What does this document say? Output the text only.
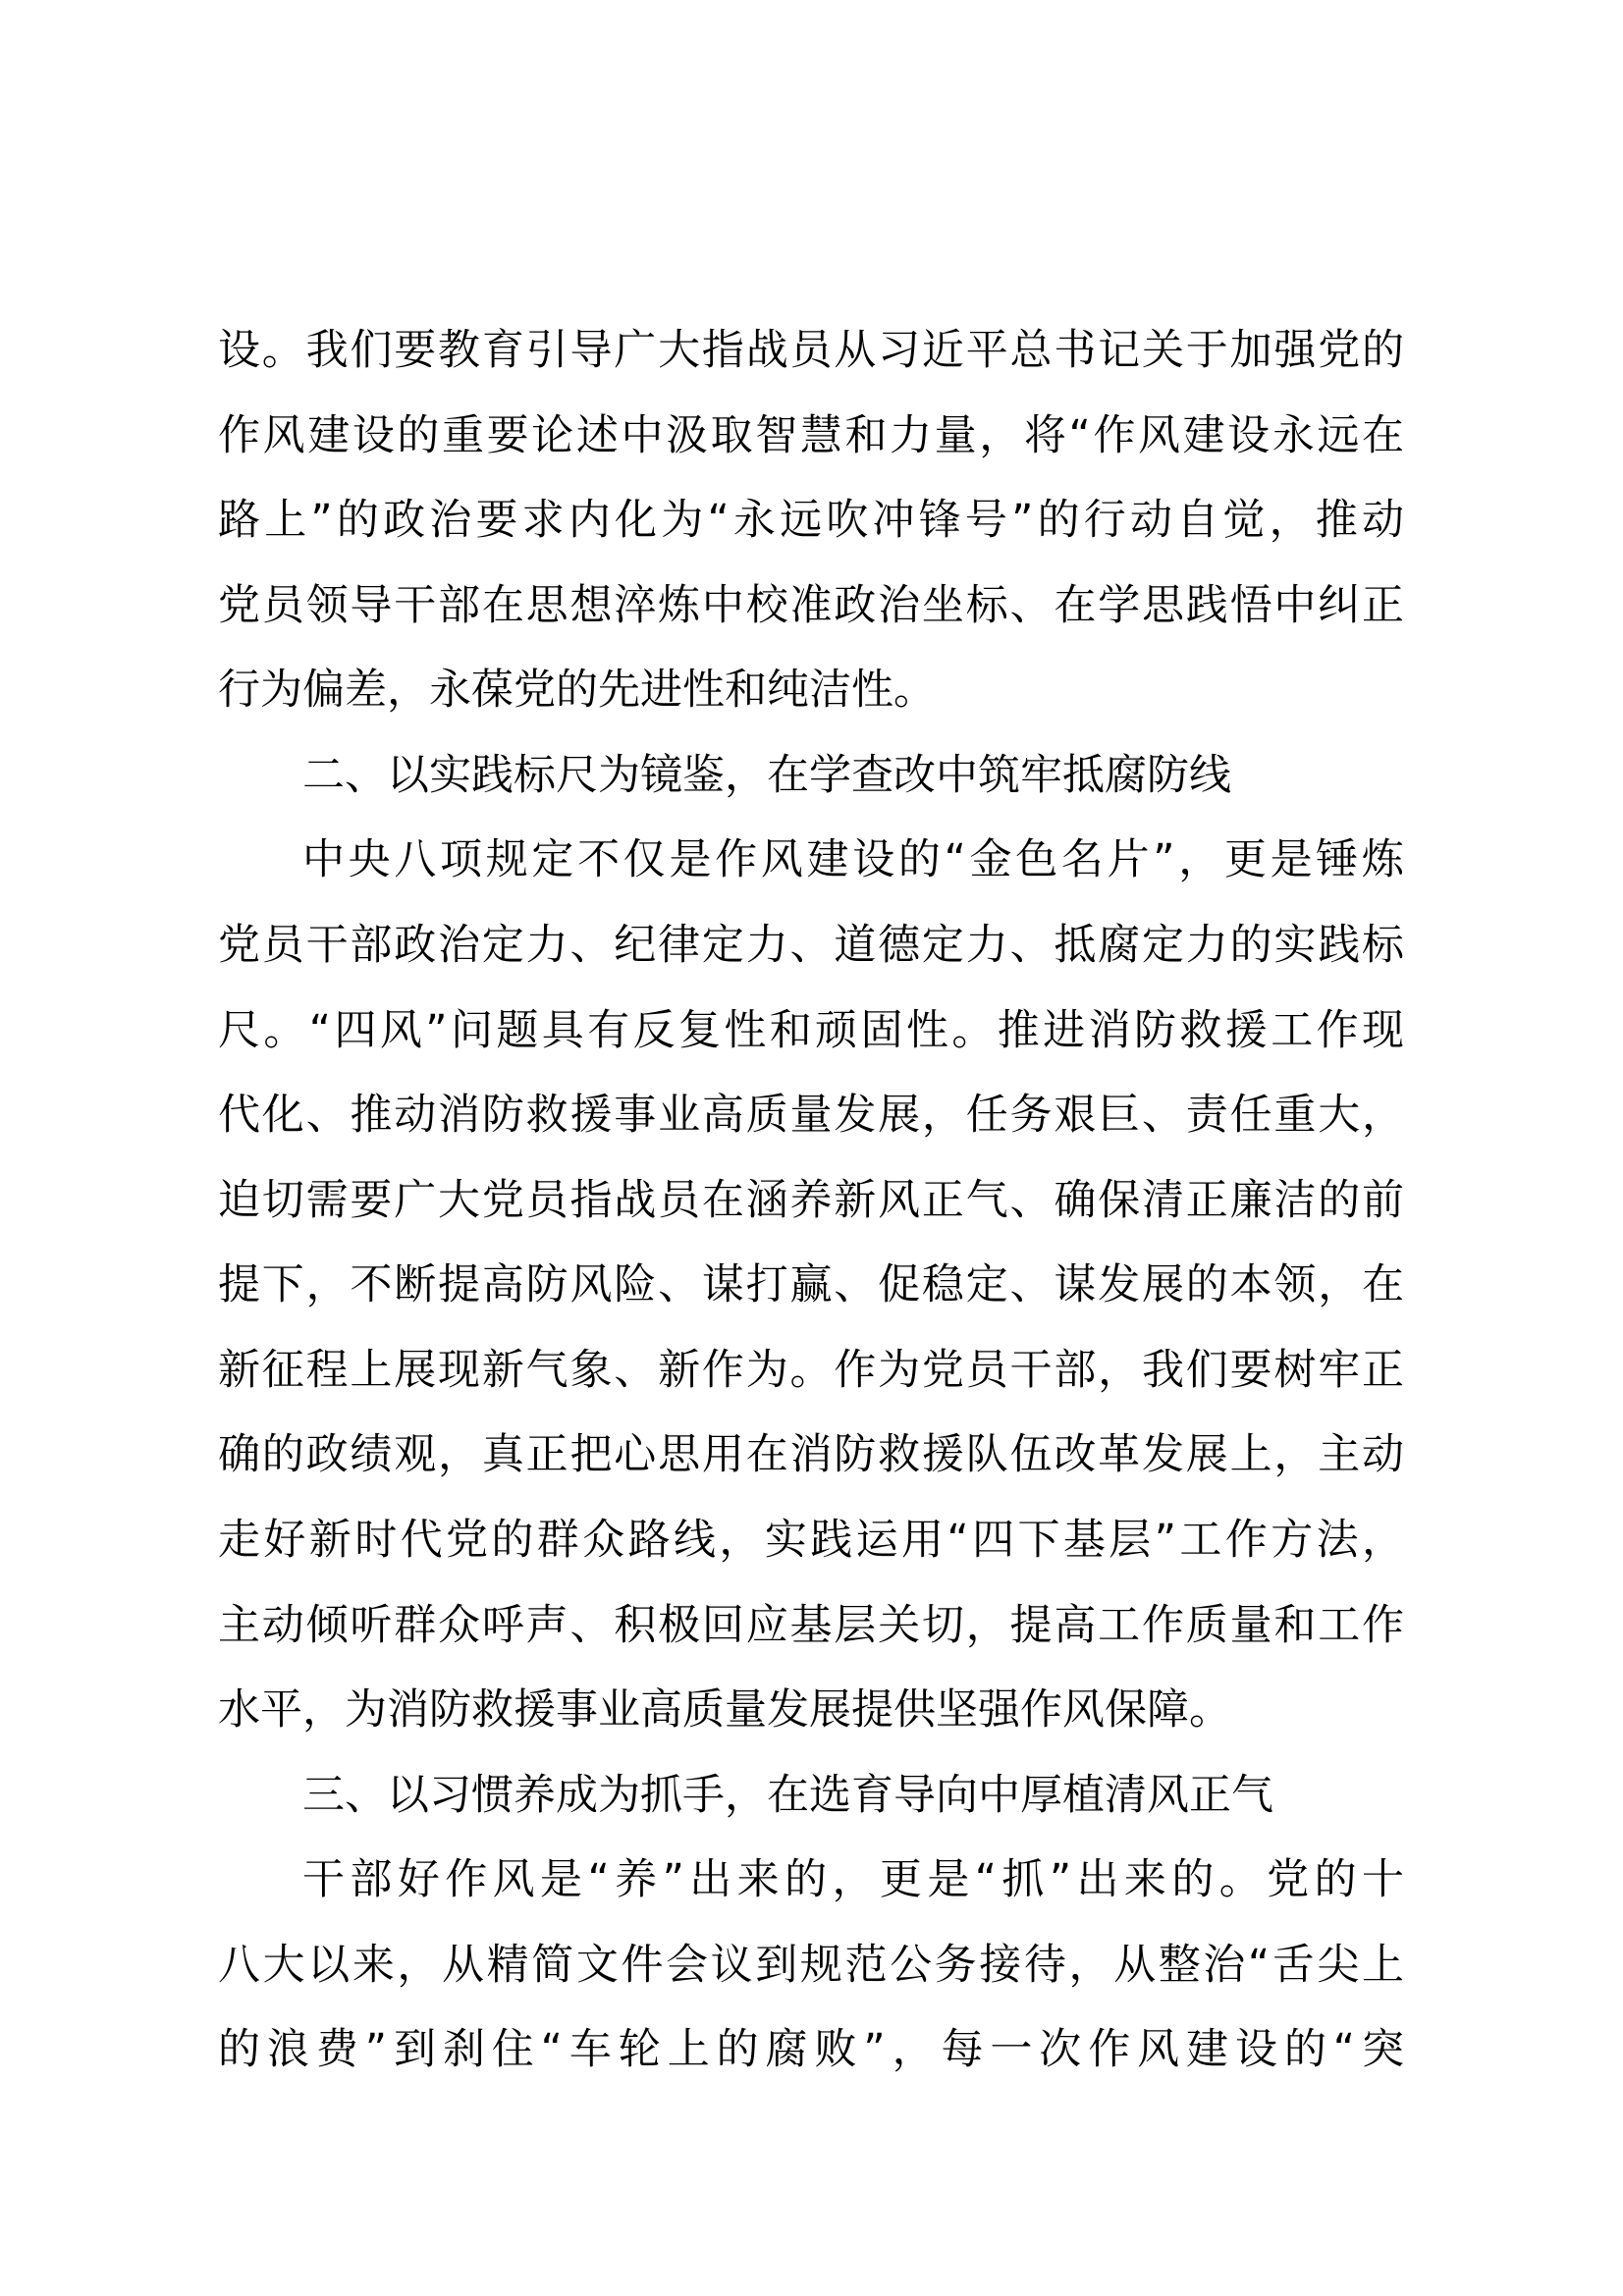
设。我们要教育引导广大指战员从习近平总书记关于加强党的
作风建设的重要论述中汲取智慧和力量，将“作风建设永远在
路上”的政治要求内化为“永远吹冲锋号”的行动自觉，推动
党员领导干部在思想淬炼中校准政治坐标、在学思践悟中纠正
行为偏差，永葆党的先进性和纯洁性。
二、以实践标尺为镜鉴，在学查改中筑牢抵腐防线
中央八项规定不仅是作风建设的“金色名片”，更是锤炼
党员干部政治定力、纪律定力、道德定力、抵腐定力的实践标
尺。“四风”问题具有反复性和顽固性。推进消防救援工作现
代化、推动消防救援事业高质量发展，任务艰巨、责任重大，
迫切需要广大党员指战员在涵养新风正气、确保清正廉洁的前
提下，不断提高防风险、谋打赢、促稳定、谋发展的本领，在
新征程上展现新气象、新作为。作为党员干部，我们要树牢正
确的政绩观，真正把心思用在消防救援队伍改革发展上，主动
走好新时代党的群众路线，实践运用“四下基层”工作方法，
主动倾听群众呼声、积极回应基层关切，提高工作质量和工作
水平，为消防救援事业高质量发展提供坚强作风保障。
三、以习惯养成为抓手，在选育导向中厚植清风正气
干部好作风是“养”出来的，更是“抓”出来的。党的十
八大以来，从精简文件会议到规范公务接待，从整治“舌尖上
的浪费”到刹住“车轮上的腐败”，每一次作风建设的“突
